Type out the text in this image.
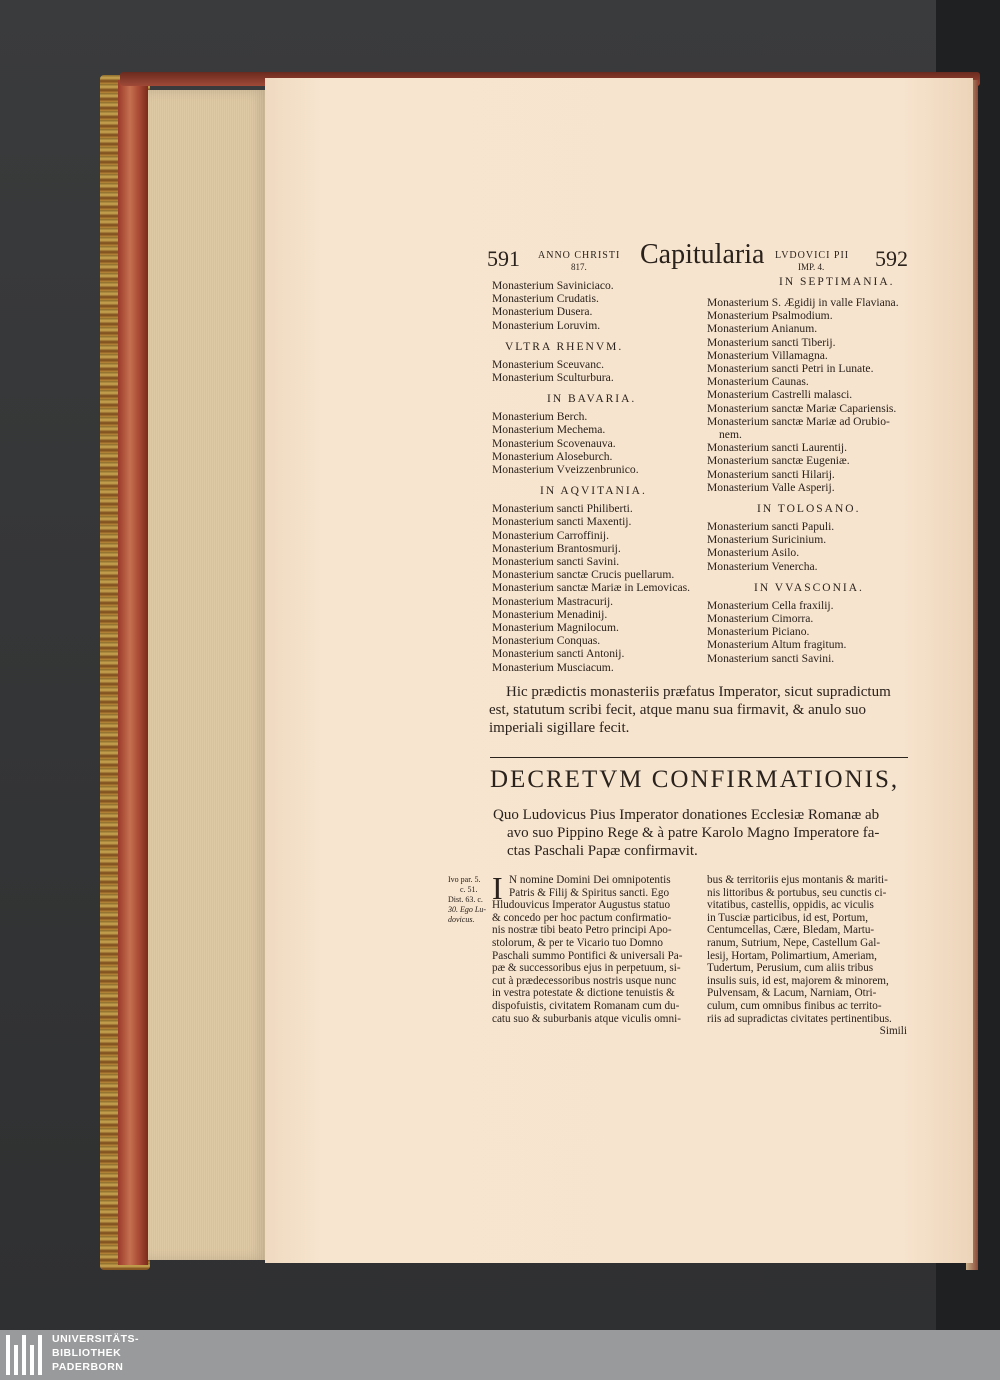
591 ANNO CHRISTI
817. Capitularia LVDOVICI PII
IMP. 4. 592
Monasterium Saviniciaco.
Monasterium Crudatis.
Monasterium Dusera.
Monasterium Loruvim.
VLTRA RHENVM.
Monasterium Sceuvanc.
Monasterium Sculturbura.
IN BAVARIA.
Monasterium Berch.
Monasterium Mechema.
Monasterium Scovenauva.
Monasterium Aloseburch.
Monasterium Vveizzenbrunico.
IN AQVITANIA.
Monasterium sancti Philiberti.
Monasterium sancti Maxentij.
Monasterium Carroffinij.
Monasterium Brantosmurij.
Monasterium sancti Savini.
Monasterium sanctæ Crucis puellarum.
Monasterium sanctæ Mariæ in Lemovicas.
Monasterium Mastracurij.
Monasterium Menadinij.
Monasterium Magnilocum.
Monasterium Conquas.
Monasterium sancti Antonij.
Monasterium Musciacum.
IN SEPTIMANIA.
Monasterium S. Ægidij in valle Flaviana.
Monasterium Psalmodium.
Monasterium Anianum.
Monasterium sancti Tiberij.
Monasterium Villamagna.
Monasterium sancti Petri in Lunate.
Monasterium Caunas.
Monasterium Castrelli malasci.
Monasterium sanctæ Mariæ Capariensis.
Monasterium sanctæ Mariæ ad Orubio-
nem.
Monasterium sancti Laurentij.
Monasterium sanctæ Eugeniæ.
Monasterium sancti Hilarij.
Monasterium Valle Asperij.
IN TOLOSANO.
Monasterium sancti Papuli.
Monasterium Suricinium.
Monasterium Asilo.
Monasterium Venercha.
IN VVASCONIA.
Monasterium Cella fraxilij.
Monasterium Cimorra.
Monasterium Piciano.
Monasterium Altum fragitum.
Monasterium sancti Savini.
Hic prædictis monasteriis præfatus Imperator, sicut supradictum
est, statutum scribi fecit, atque manu sua firmavit, & anulo suo
imperiali sigillare fecit.
DECRETVM CONFIRMATIONIS,
Quo Ludovicus Pius Imperator donationes Ecclesiæ Romanæ ab
avo suo Pippino Rege & à patre Karolo Magno Imperatore fa-
ctas Paschali Papæ confirmavit.
Ivo par. 5.
c. 51.
Dist. 63. c.
30. Ego Lu-
dovicus.
I N nomine Domini Dei omnipotentis
Patris & Filij & Spiritus sancti. Ego
Hludouvicus Imperator Augustus statuo
& concedo per hoc pactum confirmatio-
nis nostræ tibi beato Petro principi Apo-
stolorum, & per te Vicario tuo Domno
Paschali summo Pontifici & universali Pa-
pæ & successoribus ejus in perpetuum, si-
cut à prædecessoribus nostris usque nunc
in vestra potestate & dictione tenuistis &
dispofuistis, civitatem Romanam cum du-
catu suo & suburbanis atque viculis omni-
bus & territoriis ejus montanis & mariti-
nis littoribus & portubus, seu cunctis ci-
vitatibus, castellis, oppidis, ac viculis
in Tusciæ particibus, id est, Portum,
Centumcellas, Cære, Bledam, Martu-
ranum, Sutrium, Nepe, Castellum Gal-
lesij, Hortam, Polimartium, Ameriam,
Tudertum, Perusium, cum aliis tribus
insulis suis, id est, majorem & minorem,
Pulvensam, & Lacum, Narniam, Otri-
culum, cum omnibus finibus ac territo-
riis ad supradictas civitates pertinentibus.
Simili
UNIVERSITÄTS-
BIBLIOTHEK
PADERBORN
